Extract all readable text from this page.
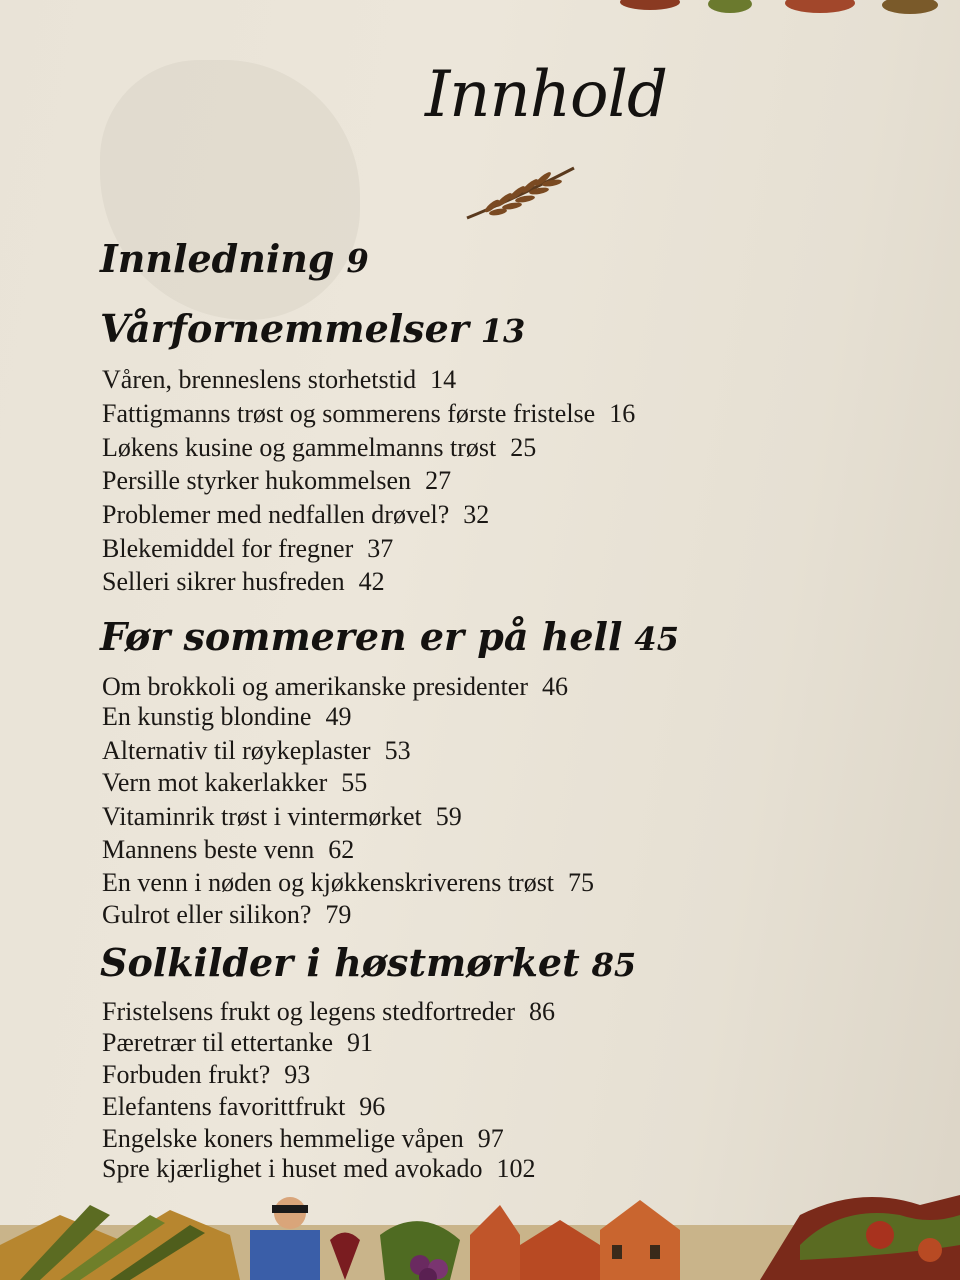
Innhold
Innledning 9
Vårfornemmelser 13
Våren, brenneslens storhetstid 14
Fattigmanns trøst og sommerens første fristelse 16
Løkens kusine og gammelmanns trøst 25
Persille styrker hukommelsen 27
Problemer med nedfallen drøvel? 32
Blekemiddel for fregner 37
Selleri sikrer husfreden 42
Før sommeren er på hell 45
Om brokkoli og amerikanske presidenter 46
En kunstig blondine 49
Alternativ til røykeplaster 53
Vern mot kakerlakker 55
Vitaminrik trøst i vintermørket 59
Mannens beste venn 62
En venn i nøden og kjøkkenskriverens trøst 75
Gulrot eller silikon? 79
Solkilder i høstmørket 85
Fristelsens frukt og legens stedfortreder 86
Pæretrær til ettertanke 91
Forbuden frukt? 93
Elefantens favorittfrukt 96
Engelske koners hemmelige våpen 97
Spre kjærlighet i huset med avokado 102
